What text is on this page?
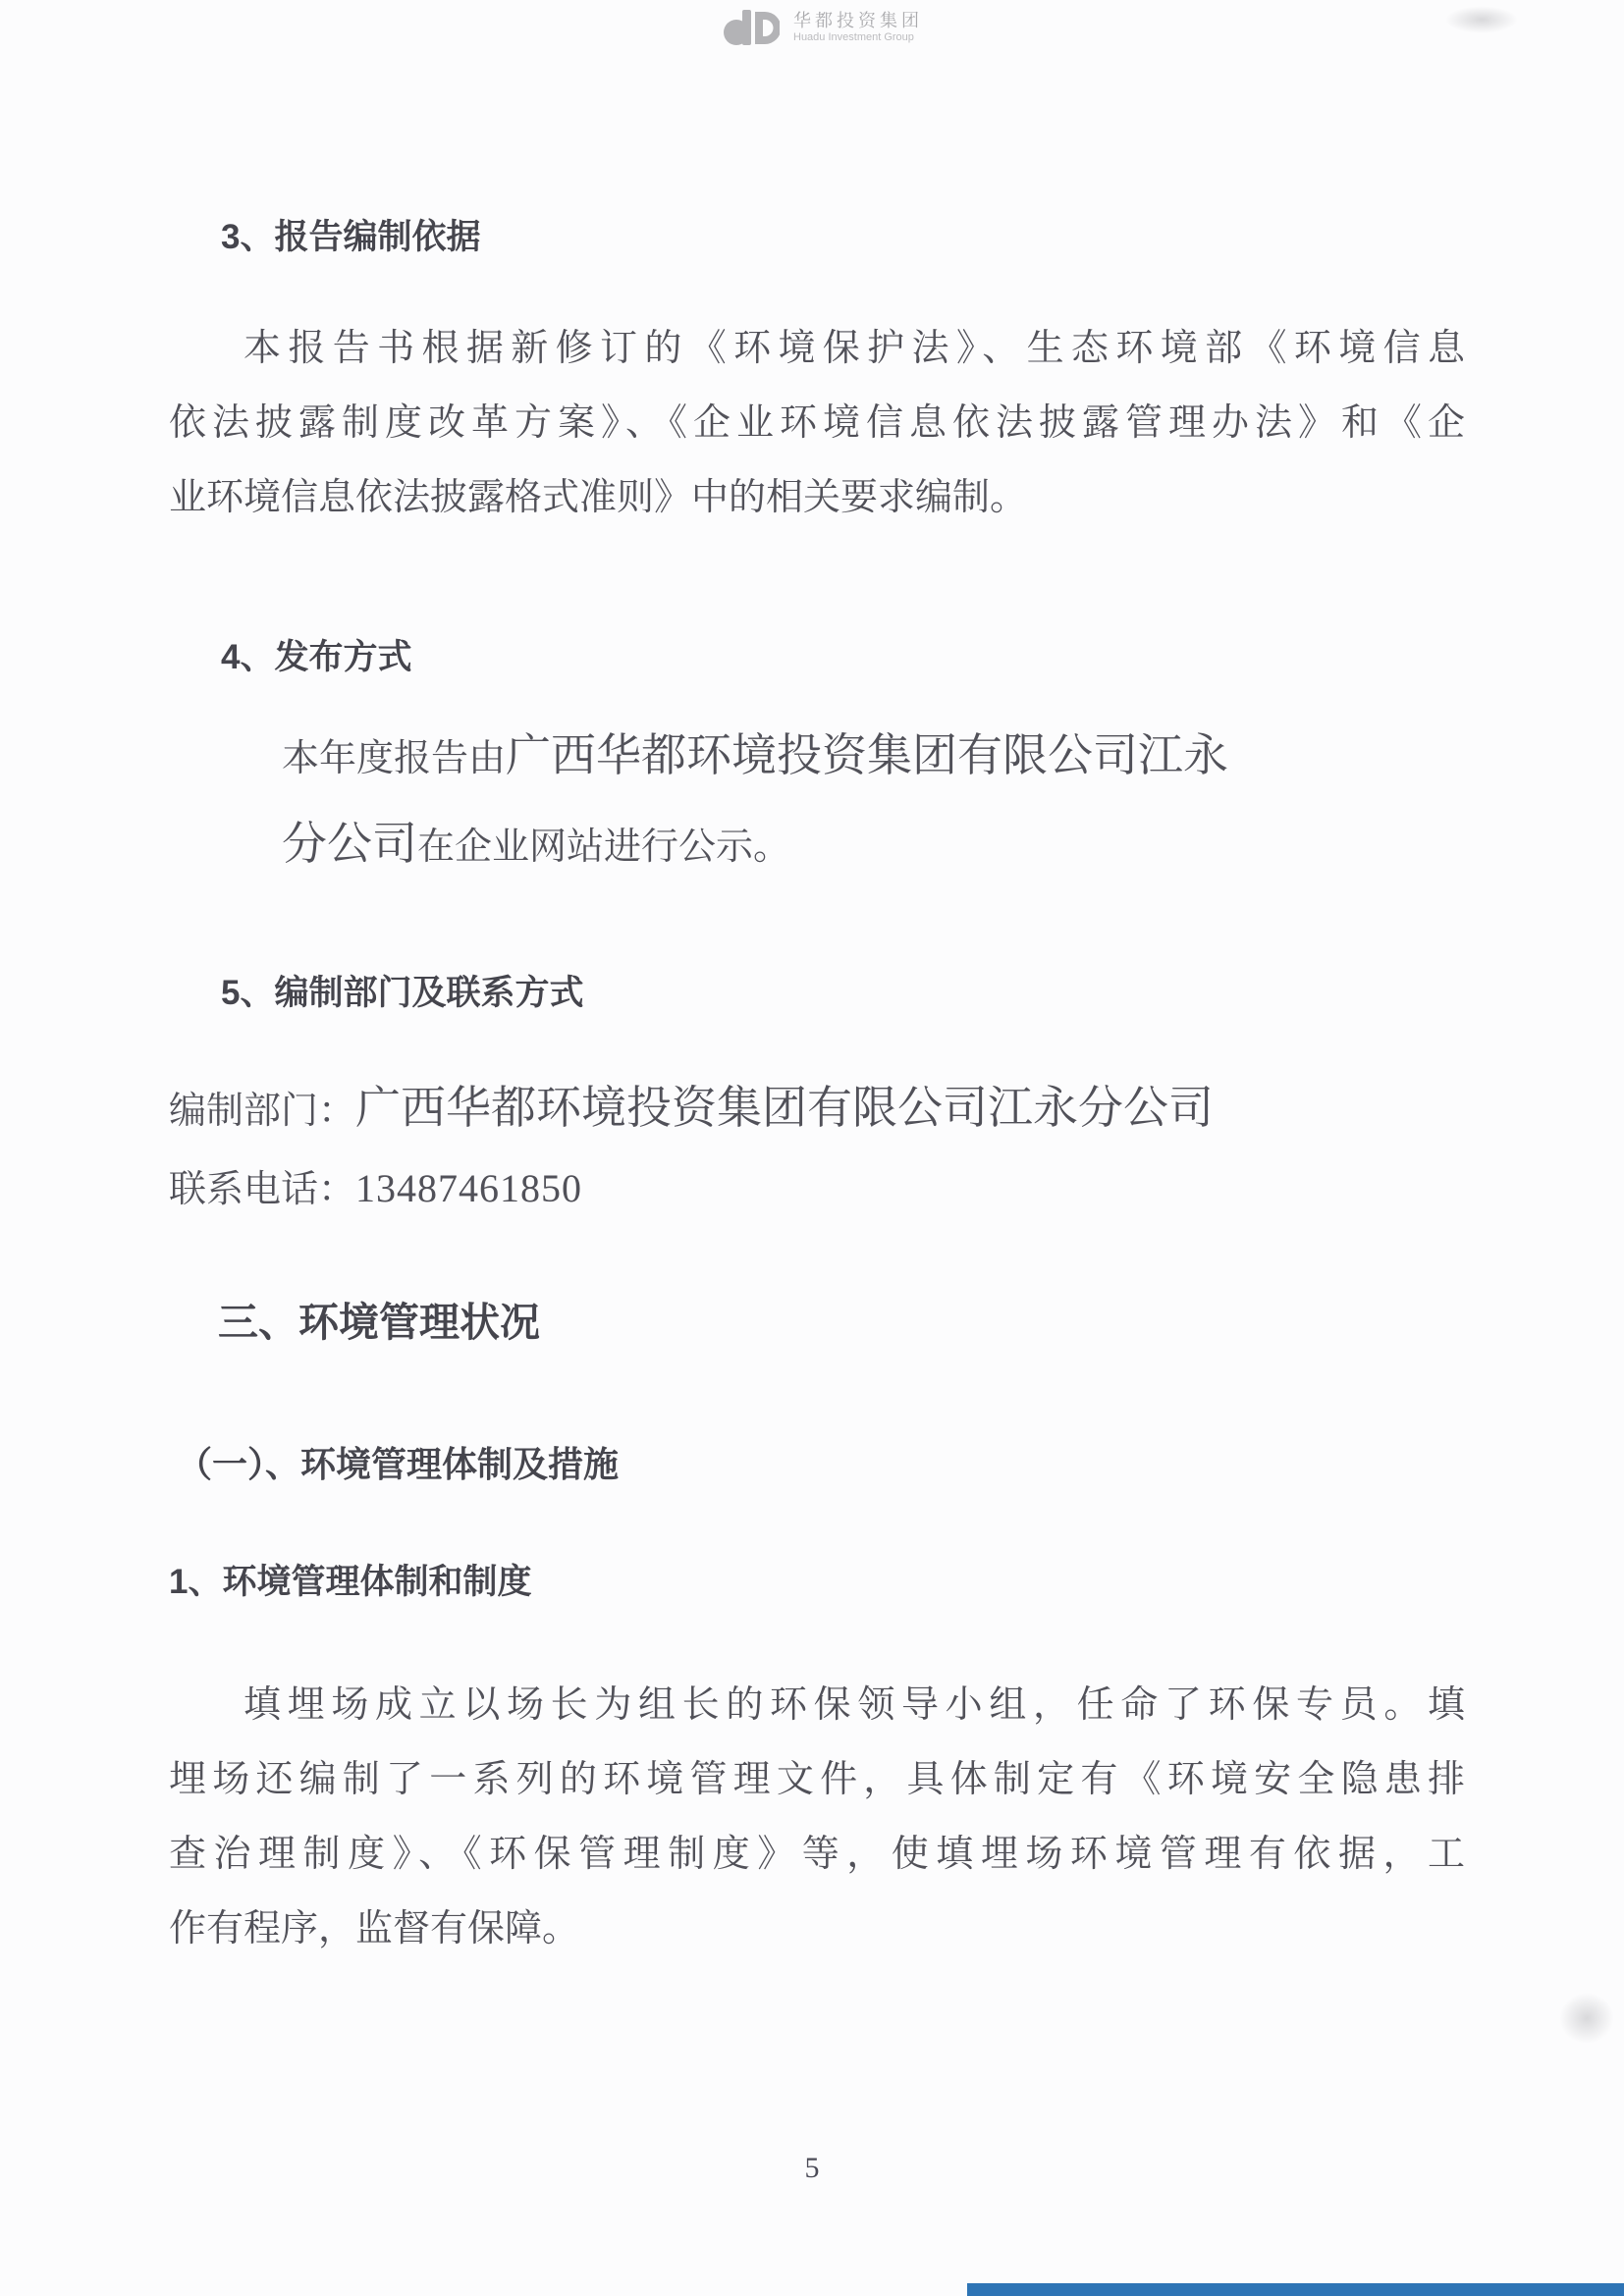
华都投资集团
Huadu Investment Group
3、报告编制依据
本报告书根据新修订的《环境保护法》、生态环境部《环境信息
依法披露制度改革方案》、《企业环境信息依法披露管理办法》和《企
业环境信息依法披露格式准则》中的相关要求编制。
4、发布方式
本年度报告由广西华都环境投资集团有限公司江永
分公司在企业网站进行公示。
5、编制部门及联系方式
编制部门：广西华都环境投资集团有限公司江永分公司
联系电话：13487461850
三、环境管理状况
（一）、环境管理体制及措施
1、环境管理体制和制度
填埋场成立以场长为组长的环保领导小组，任命了环保专员。填
埋场还编制了一系列的环境管理文件，具体制定有《环境安全隐患排
查治理制度》、《环保管理制度》等，使填埋场环境管理有依据，工
作有程序，监督有保障。
5
